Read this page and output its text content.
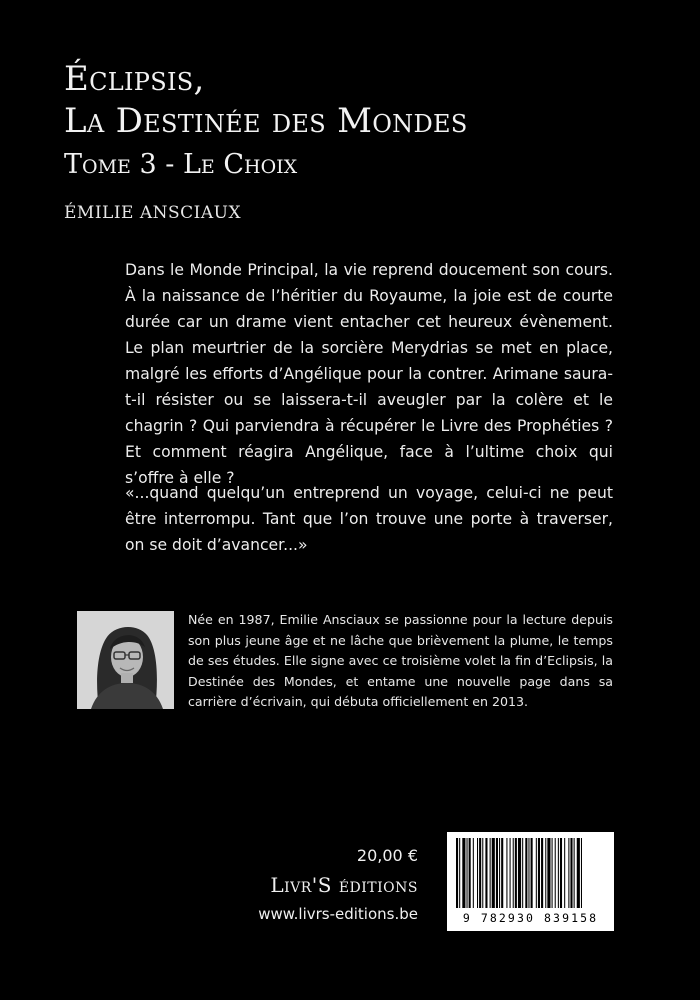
Éclipsis,
La Destinée des Mondes
Tome 3 - Le Choix
ÉMILIE ANSCIAUX
Dans le Monde Principal, la vie reprend doucement son cours. À la naissance de l’héritier du Royaume, la joie est de courte durée car un drame vient entacher cet heureux évènement. Le plan meurtrier de la sorcière Merydrias se met en place, malgré les efforts d’Angélique pour la contrer. Arimane saura-t-il résister ou se laissera-t-il aveugler par la colère et le chagrin ? Qui parviendra à récupérer le Livre des Prophéties ? Et comment réagira Angélique, face à l’ultime choix qui s’offre à elle ?
«...quand quelqu’un entreprend un voyage, celui-ci ne peut être interrompu. Tant que l’on trouve une porte à traverser, on se doit d’avancer...»
Née en 1987, Emilie Ansciaux se passionne pour la lecture depuis son plus jeune âge et ne lâche que brièvement la plume, le temps de ses études. Elle signe avec ce troisième volet la fin d’Eclipsis, la Destinée des Mondes, et entame une nouvelle page dans sa carrière d’écrivain, qui débuta officiellement en 2013.
20,00 €
Livr'S éditions
www.livrs-editions.be	9 782930 839158
